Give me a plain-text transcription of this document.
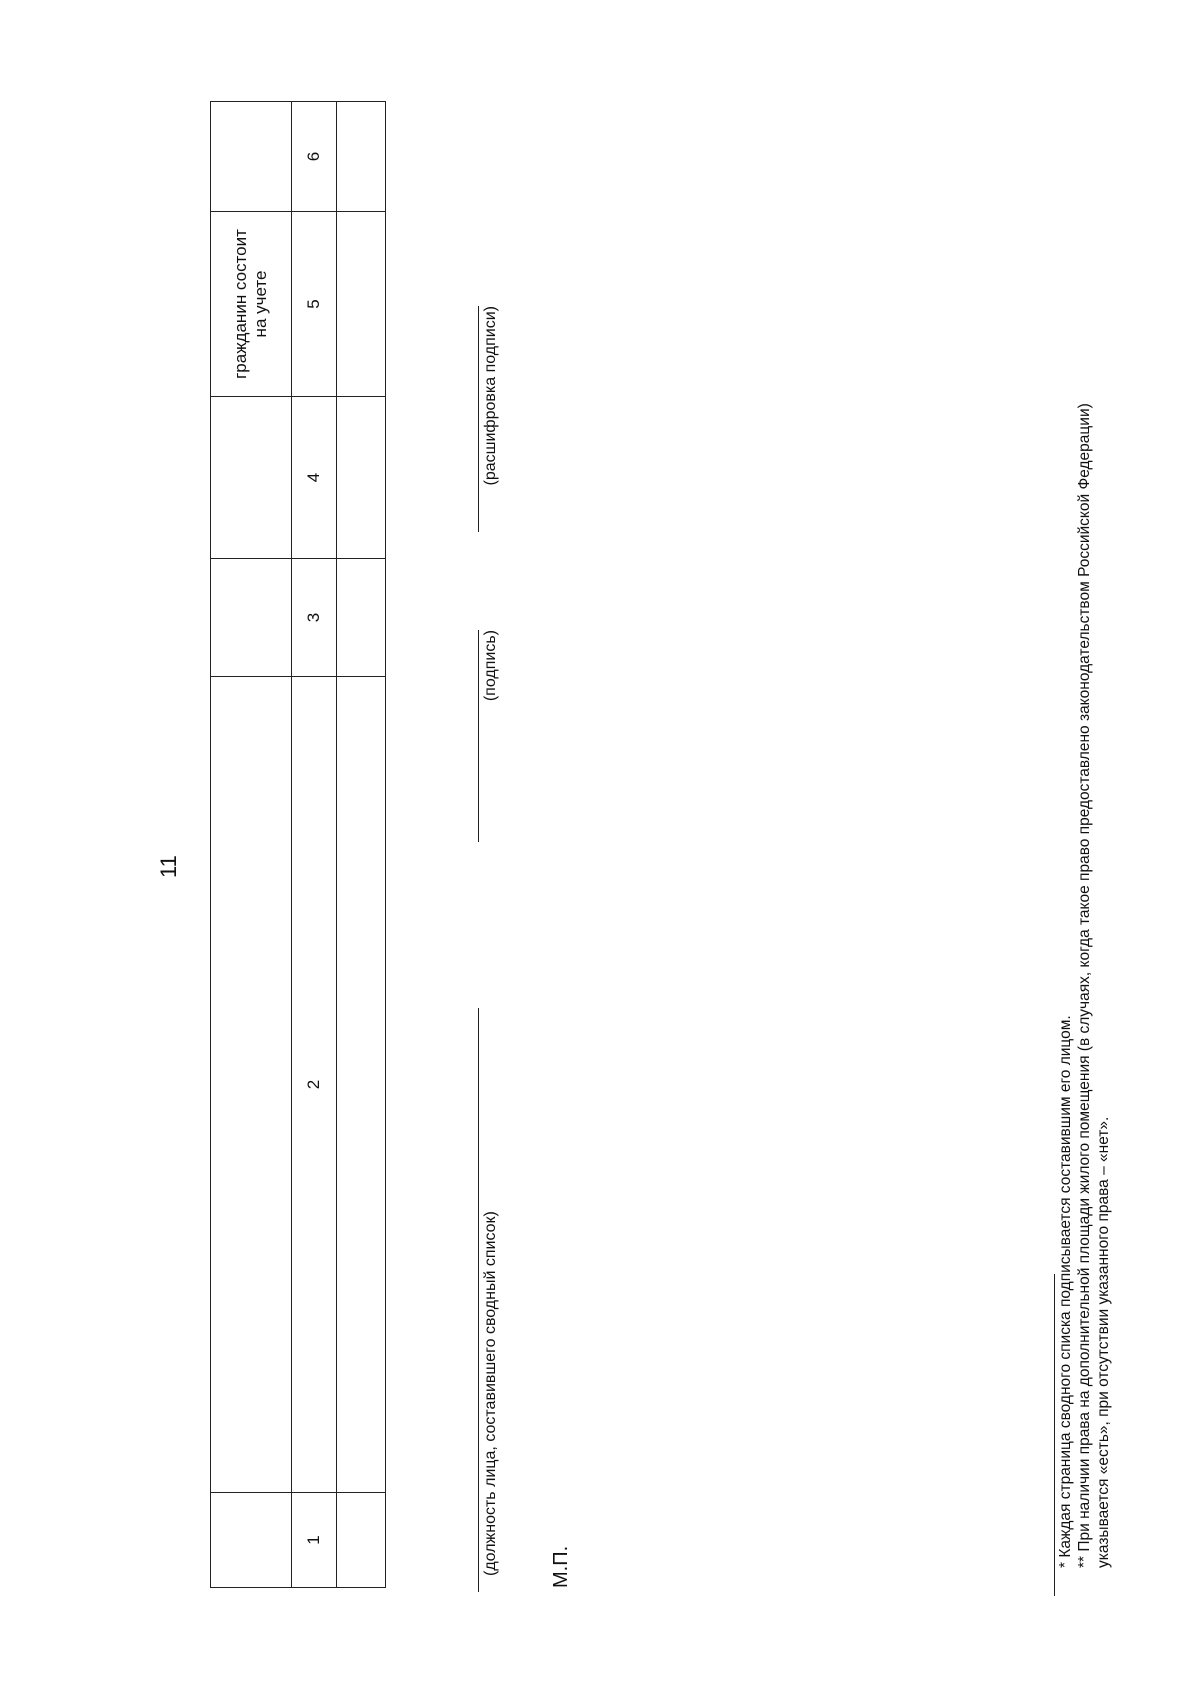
11
				гражданин состоит на учете	
1	2	3	4	5	6

(должность лица, составившего сводный список)
(подпись)
(расшифровка подписи)
М.П.	* Каждая страница сводного списка подписывается составившим его лицом. ** При наличии права на дополнительной площади жилого помещения (в случаях, когда такое право предоставлено законодательством Российской Федерации) указывается «есть», при отсутствии указанного права – «нет».
